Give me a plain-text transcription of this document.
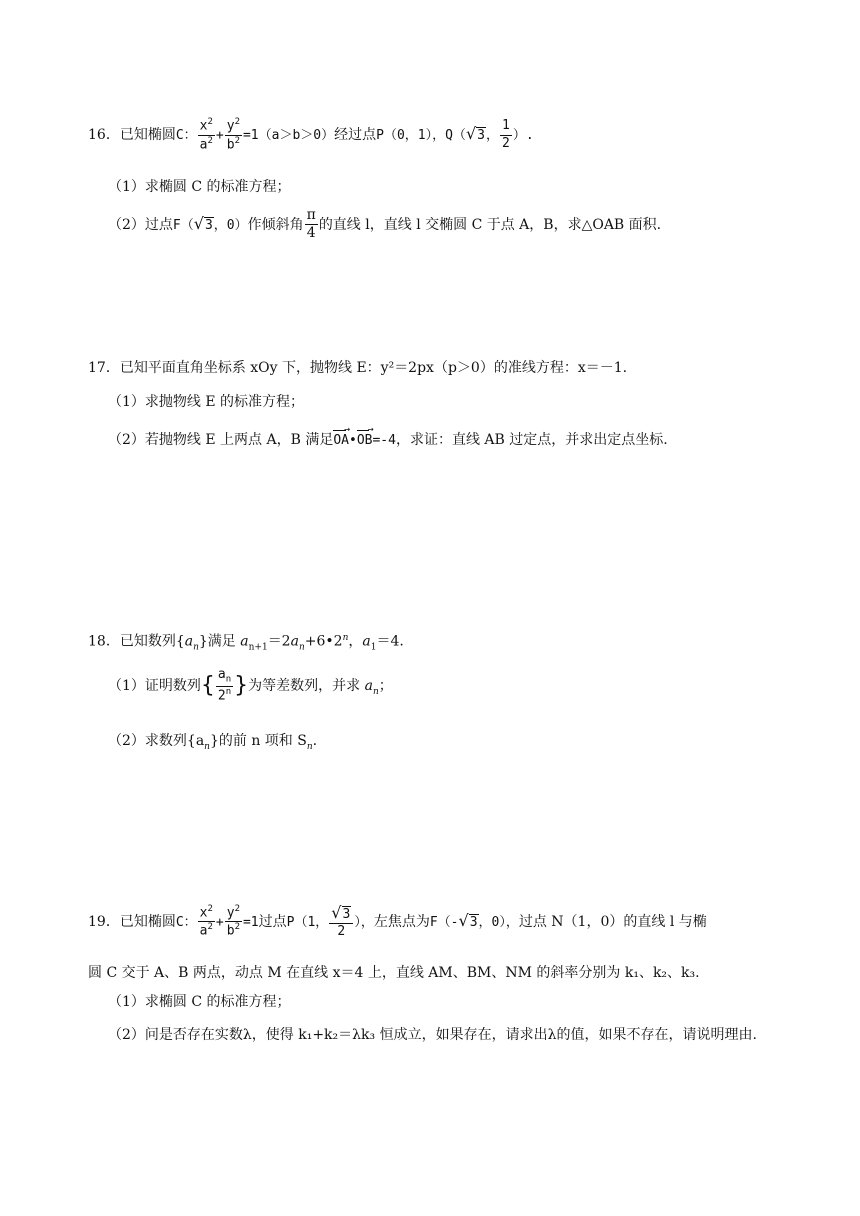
16．已知椭圆C： $\frac{x^2}{a^2} + \frac{y^2}{b^2} =1(a>b>0)$经过点P（0，1），Q（√3， $\frac{1}{2}$ ）.
（1）求椭圆 C 的标准方程；
（2）过点F（√3，0）作倾斜角 $\frac{\pi}{4}$ 的直线 l，直线 l 交椭圆 C 于点 A，B，求△OAB 面积.
17．已知平面直角坐标系 xOy 下，抛物线 E：y²＝2px（p＞0）的准线方程：x＝－1.
（1）求抛物线 E 的标准方程；
（2）若抛物线 E 上两点 A，B 满足
→
OA•
→
OB=-4，求证：直线 AB 过定点，并求出定点坐标.
18．已知数列$\{a_n\}$满足 $a_{n+1}=2a_n+6•2^n$，$a_1=4$.
（1）证明数列{ $\frac{a_n}{2^n}$ }为等差数列，并求 $a_n$；
（2）求数列$\{a_n\}$的前 n 项和 $S_n$.
19．已知椭圆C： $\frac{x^2}{a^2} + \frac{y^2}{b^2} =1$过点P（1， $\frac{√3}{2}$ ），左焦点为F（-√3，0），过点 N（1，0）的直线 l 与椭
圆 C 交于 A、B 两点，动点 M 在直线 x＝4 上，直线 AM、BM、NM 的斜率分别为 k₁、k₂、k₃.
（1）求椭圆 C 的标准方程；
（2）问是否存在实数λ，使得 k₁+k₂＝λk₃ 恒成立，如果存在，请求出λ的值，如果不存在，请说明理由.
